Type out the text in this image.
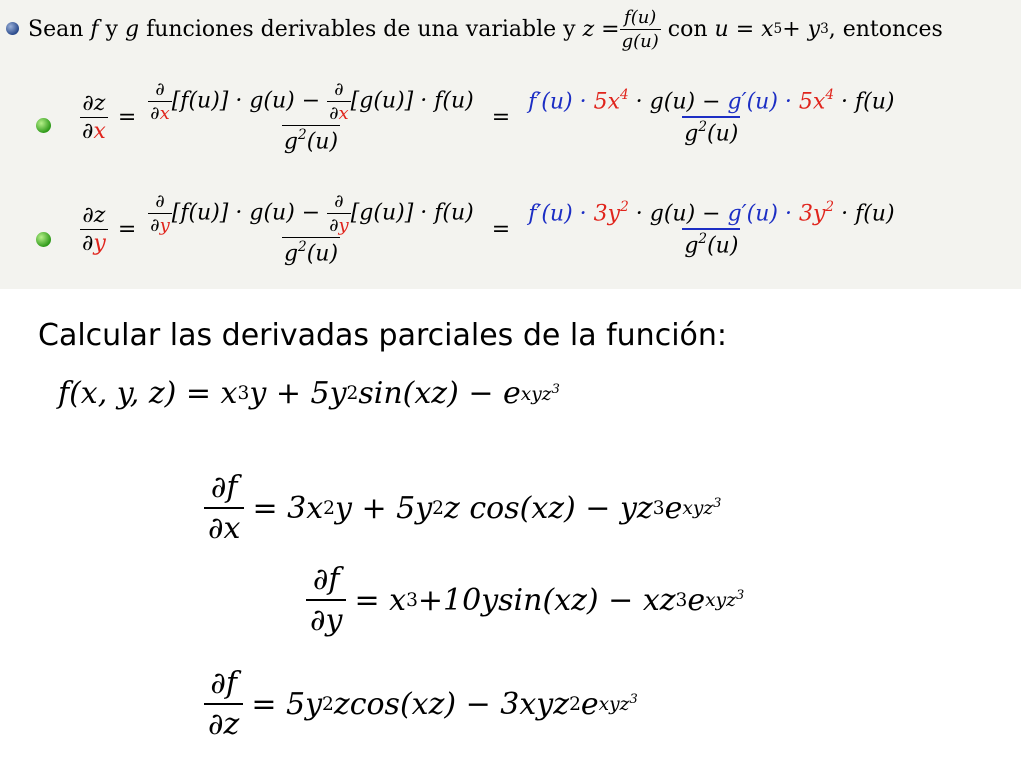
Sean
f
y
g
funciones derivables de una variable y
$z = \frac{f(u)}{g(u)}$
con
u = x 5 + y 3 , entonces
$\frac{\partial z}{\partial x} = \frac{\frac{\partial}{\partial x} [f(u)] \cdot g(u) - \frac{\partial}{\partial x} [g(u)] \cdot f(u)}{g^2(u)} = \frac{f'(u) \cdot 5x^4 \cdot g(u) - g'(u) \cdot 5x^4 \cdot f(u)}{g^2(u)}$
$\frac{\partial z}{\partial y} = \frac{\frac{\partial}{\partial y} [f(u)] \cdot g(u) - \frac{\partial}{\partial y} [g(u)] \cdot f(u)}{g^2(u)} = \frac{f'(u) \cdot 3y^2 \cdot g(u) - g'(u) \cdot 3y^2 \cdot f(u)}{g^2(u)}$
Calcular las derivadas parciales de la función:
f(x, y, z) = x 3 y + 5y 2 sin(xz) − e xyz$^3$
$\frac{\partial f}{\partial x} = 3x$ 2 y + 5y 2 z cos(xz) − yz 3 e xyz$^3$
$\frac{\partial f}{\partial y} = x$ 3 +10ysin(xz) − xz 3 e xyz$^3$
$\frac{\partial f}{\partial z} = 5y$ 2 zcos(xz) − 3xyz 2 e xyz$^3$
